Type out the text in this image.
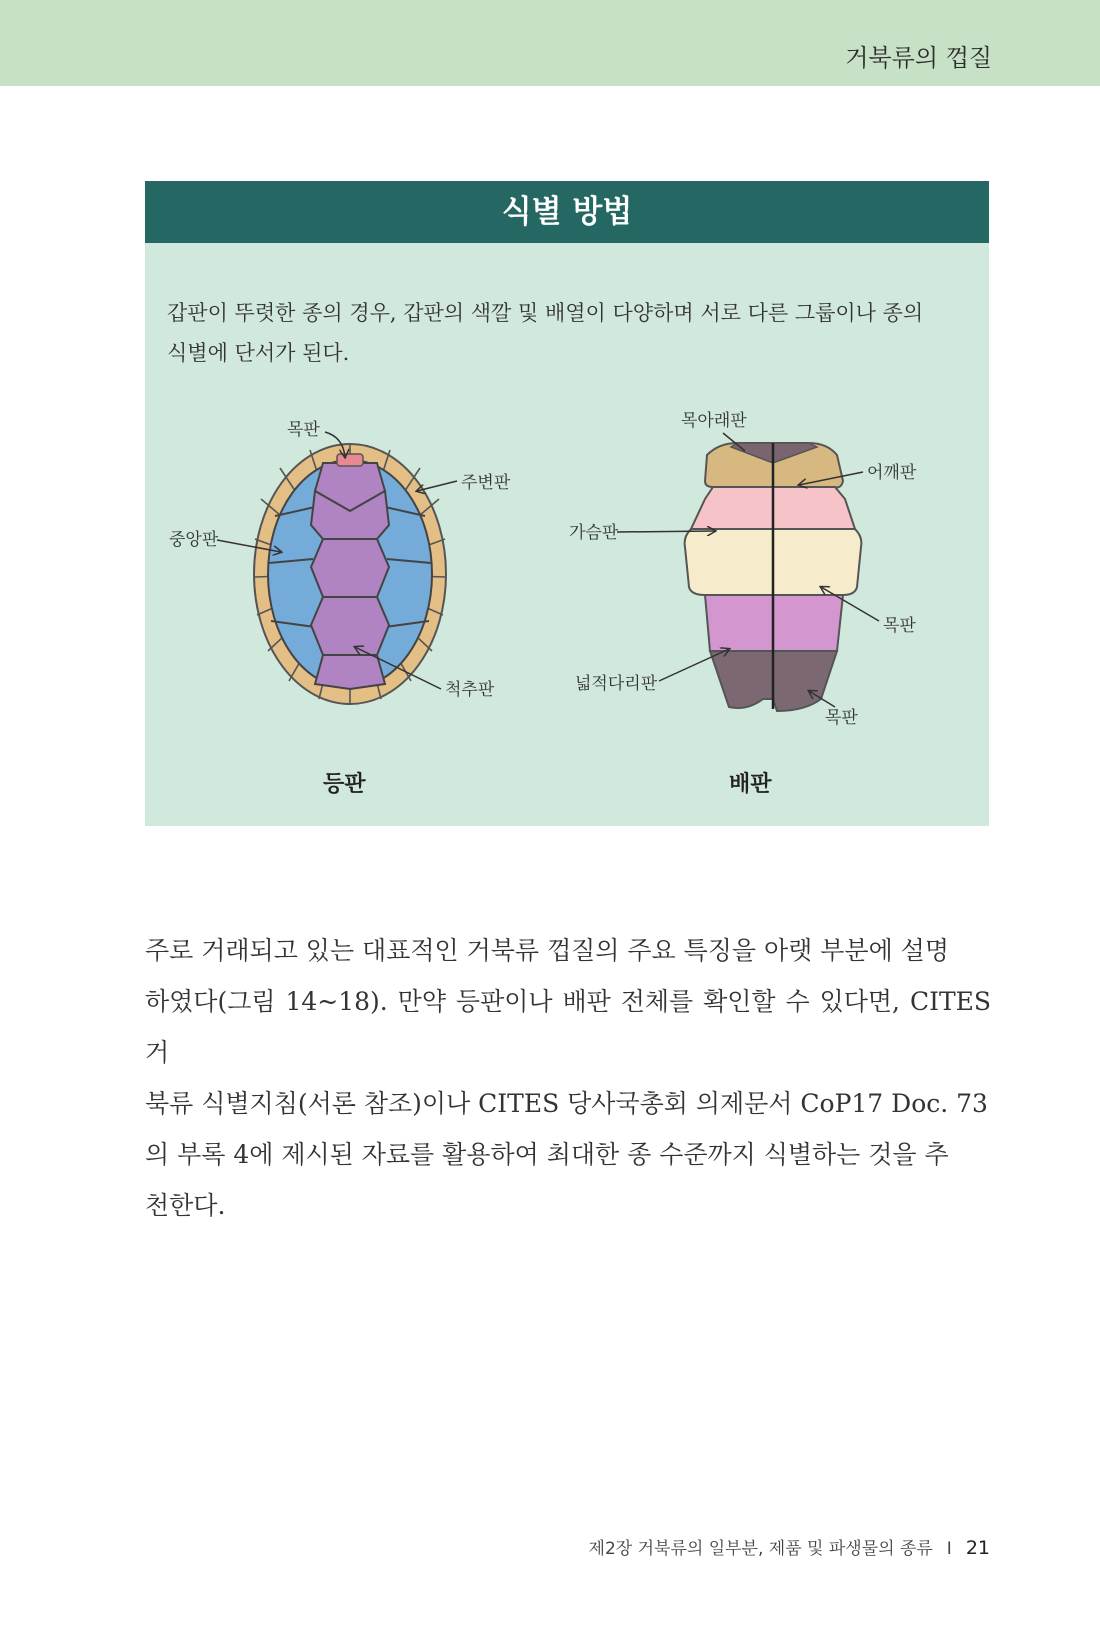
거북류의 껍질
식별 방법

갑판이 뚜렷한 종의 경우, 갑판의 색깔 및 배열이 다양하며 서로 다른 그룹이나 종의

식별에 단서가 된다.

목판
주변판
중앙판
척추판
등판
목아래판
어깨판
가슴판
목판
넓적다리판
목판
배판

주로 거래되고 있는 대표적인 거북류 껍질의 주요 특징을 아랫 부분에 설명

하였다(그림 14~18). 만약 등판이나 배판 전체를 확인할 수 있다면, CITES 거

북류 식별지침(서론 참조)이나 CITES 당사국총회 의제문서 CoP17 Doc. 73

의 부록 4에 제시된 자료를 활용하여 최대한 종 수준까지 식별하는 것을 추

천한다.

제2장 거북류의 일부분, 제품 및 파생물의 종류 I 21
